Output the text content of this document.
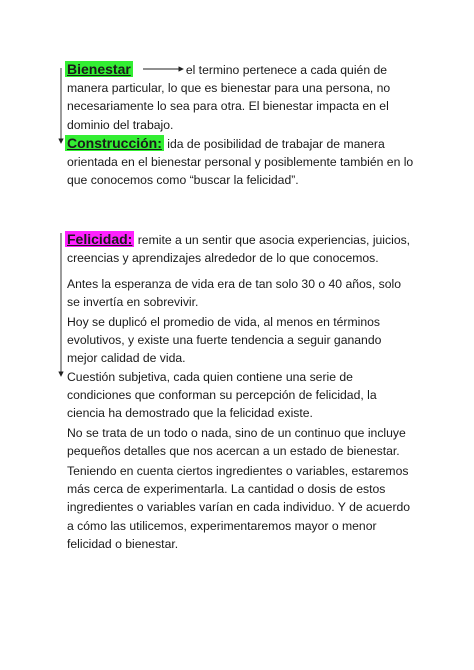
Bienestar	el termino pertenece a cada quién de
manera particular, lo que es bienestar para una persona, no necesariamente lo sea para otra. El bienestar impacta en el dominio del trabajo.
Construcción: ida de posibilidad de trabajar de manera orientada en el bienestar personal y posiblemente también en lo que conocemos como “buscar la felicidad”.
Felicidad: remite a un sentir que asocia experiencias, juicios, creencias y aprendizajes alrededor de lo que conocemos.
Antes la esperanza de vida era de tan solo 30 o 40 años, solo se invertía en sobrevivir.
Hoy se duplicó el promedio de vida, al menos en términos evolutivos, y existe una fuerte tendencia a seguir ganando mejor calidad de vida.
Cuestión subjetiva, cada quien contiene una serie de condiciones que conforman su percepción de felicidad, la ciencia ha demostrado que la felicidad existe.
No se trata de un todo o nada, sino de un continuo que incluye pequeños detalles que nos acercan a un estado de bienestar.
Teniendo en cuenta ciertos ingredientes o variables, estaremos más cerca de experimentarla. La cantidad o dosis de estos ingredientes o variables varían en cada individuo. Y de acuerdo a cómo las utilicemos, experimentaremos mayor o menor felicidad o bienestar.
